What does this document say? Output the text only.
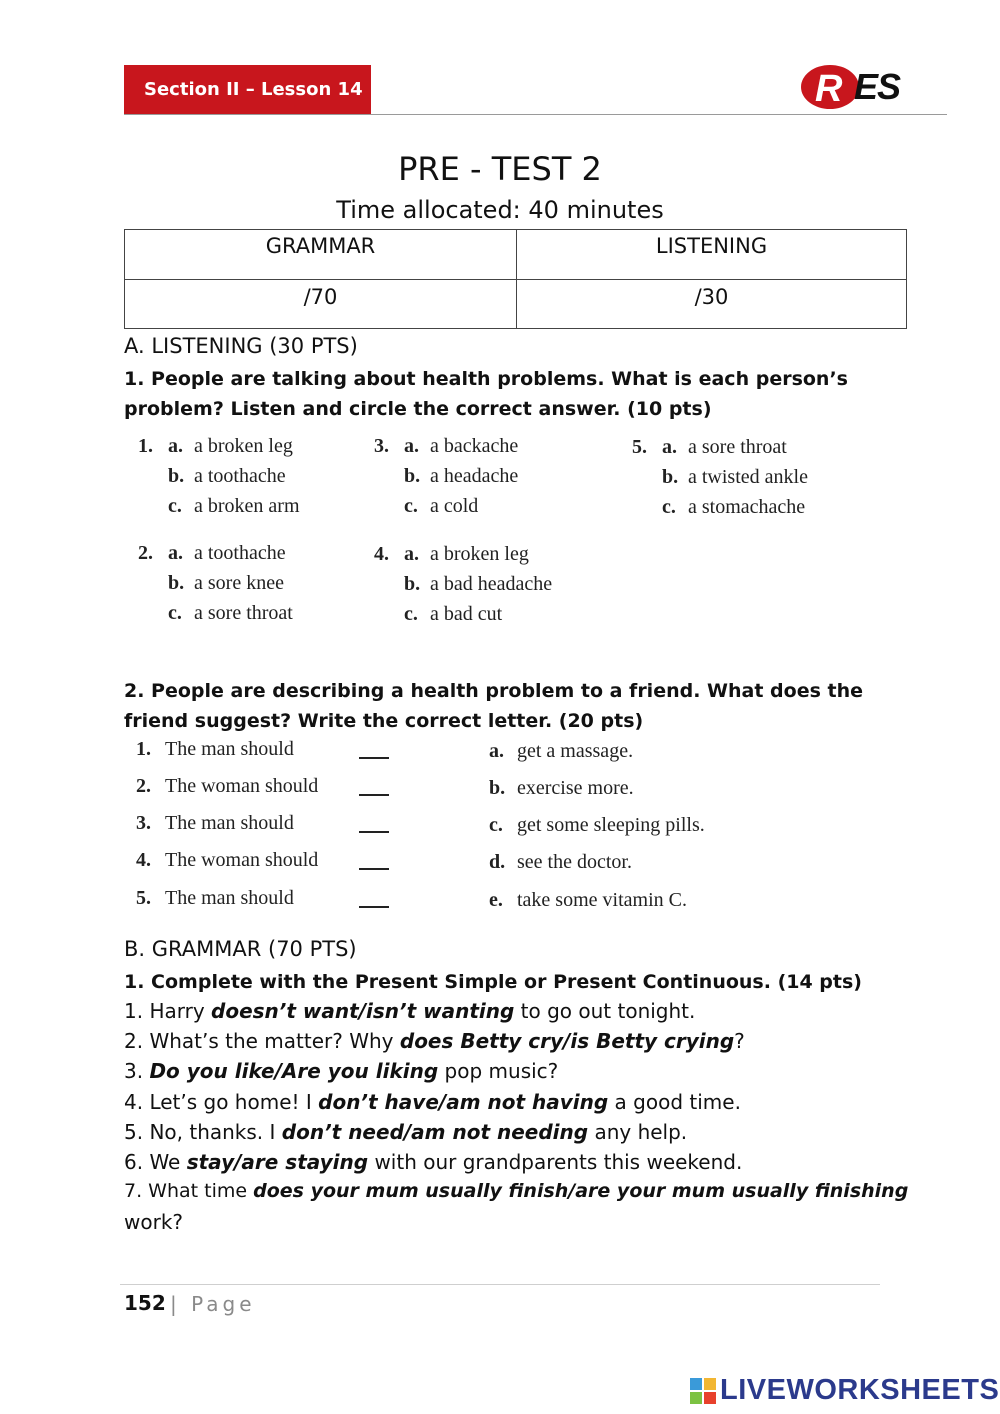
Section II – Lesson 14	R ES
PRE - TEST 2
Time allocated: 40 minutes
GRAMMAR	LISTENING
/70	/30
A. LISTENING (30 PTS)
1. People are talking about health problems. What is each person’s
problem? Listen and circle the correct answer. (10 pts)
1. a. a broken leg
b. a toothache
c. a broken arm
2. a. a toothache
b. a sore knee
c. a sore throat
3. a. a backache
b. a headache
c. a cold
4. a. a broken leg
b. a bad headache
c. a bad cut
5. a. a sore throat
b. a twisted ankle
c. a stomachache
2. People are describing a health problem to a friend. What does the
friend suggest? Write the correct letter. (20 pts)
1. The man should	a. get a massage.
2. The woman should	b. exercise more.
3. The man should	c. get some sleeping pills.
4. The woman should	d. see the doctor.
5. The man should	e. take some vitamin C.
B. GRAMMAR (70 PTS)
1. Complete with the Present Simple or Present Continuous. (14 pts)
1. Harry doesn’t want/isn’t wanting to go out tonight.
2. What’s the matter? Why does Betty cry/is Betty crying?
3. Do you like/Are you liking pop music?
4. Let’s go home! I don’t have/am not having a good time.
5. No, thanks. I don’t need/am not needing any help.
6. We stay/are staying with our grandparents this weekend.
7. What time does your mum usually finish/are your mum usually finishing
work?
152 | Page
LIVEWORKSHEETS
